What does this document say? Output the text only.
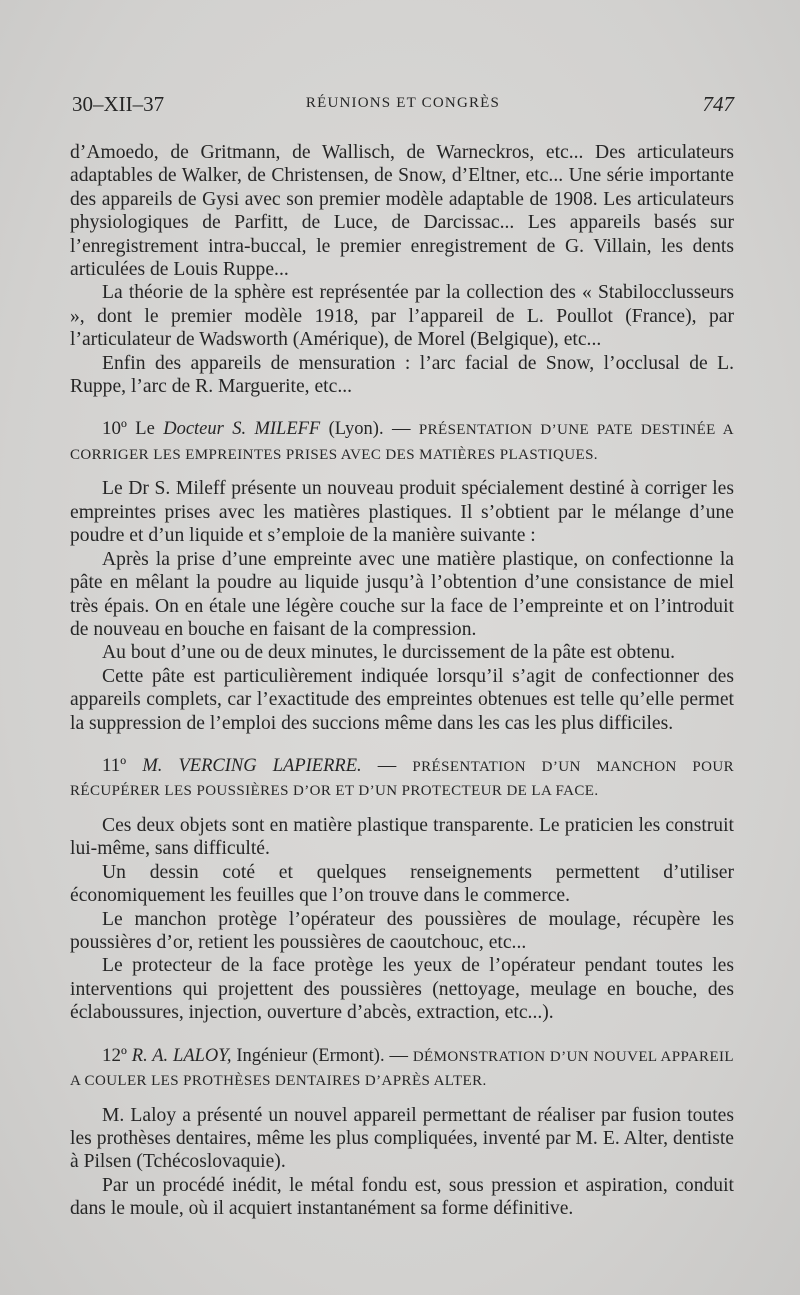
30–XII–37	RÉUNIONS ET CONGRÈS	747

d’Amoedo, de Gritmann, de Wallisch, de Warneckros, etc... Des articulateurs adaptables de Walker, de Christensen, de Snow, d’Eltner, etc... Une série importante des appareils de Gysi avec son premier modèle adaptable de 1908. Les articulateurs physiologiques de Parfitt, de Luce, de Darcissac... Les appareils basés sur l’enregistrement intra-buccal, le premier enregistrement de G. Villain, les dents articulées de Louis Ruppe...

La théorie de la sphère est représentée par la collection des « Stabilocclusseurs », dont le premier modèle 1918, par l’appareil de L. Poullot (France), par l’articulateur de Wadsworth (Amérique), de Morel (Belgique), etc...

Enfin des appareils de mensuration : l’arc facial de Snow, l’occlusal de L. Ruppe, l’arc de R. Marguerite, etc...

10º Le Docteur S. MILEFF (Lyon). — PRÉSENTATION D’UNE PATE DESTINÉE A CORRIGER LES EMPREINTES PRISES AVEC DES MATIÈRES PLASTIQUES.

Le Dr S. Mileff présente un nouveau produit spécialement destiné à corriger les empreintes prises avec les matières plastiques. Il s’obtient par le mélange d’une poudre et d’un liquide et s’emploie de la manière suivante :

Après la prise d’une empreinte avec une matière plastique, on confectionne la pâte en mêlant la poudre au liquide jusqu’à l’obtention d’une consistance de miel très épais. On en étale une légère couche sur la face de l’empreinte et on l’introduit de nouveau en bouche en faisant de la compression.

Au bout d’une ou de deux minutes, le durcissement de la pâte est obtenu.

Cette pâte est particulièrement indiquée lorsqu’il s’agit de confectionner des appareils complets, car l’exactitude des empreintes obtenues est telle qu’elle permet la suppression de l’emploi des succions même dans les cas les plus difficiles.

11º M. VERCING LAPIERRE. — PRÉSENTATION D’UN MANCHON POUR RÉCUPÉRER LES POUSSIÈRES D’OR ET D’UN PROTECTEUR DE LA FACE.

Ces deux objets sont en matière plastique transparente. Le praticien les construit lui-même, sans difficulté.

Un dessin coté et quelques renseignements permettent d’utiliser économiquement les feuilles que l’on trouve dans le commerce.

Le manchon protège l’opérateur des poussières de moulage, récupère les poussières d’or, retient les poussières de caoutchouc, etc...

Le protecteur de la face protège les yeux de l’opérateur pendant toutes les interventions qui projettent des poussières (nettoyage, meulage en bouche, des éclaboussures, injection, ouverture d’abcès, extraction, etc...).

12º R. A. LALOY, Ingénieur (Ermont). — DÉMONSTRATION D’UN NOUVEL APPAREIL A COULER LES PROTHÈSES DENTAIRES D’APRÈS ALTER.

M. Laloy a présenté un nouvel appareil permettant de réaliser par fusion toutes les prothèses dentaires, même les plus compliquées, inventé par M. E. Alter, dentiste à Pilsen (Tchécoslovaquie).

Par un procédé inédit, le métal fondu est, sous pression et aspiration, conduit dans le moule, où il acquiert instantanément sa forme définitive.
